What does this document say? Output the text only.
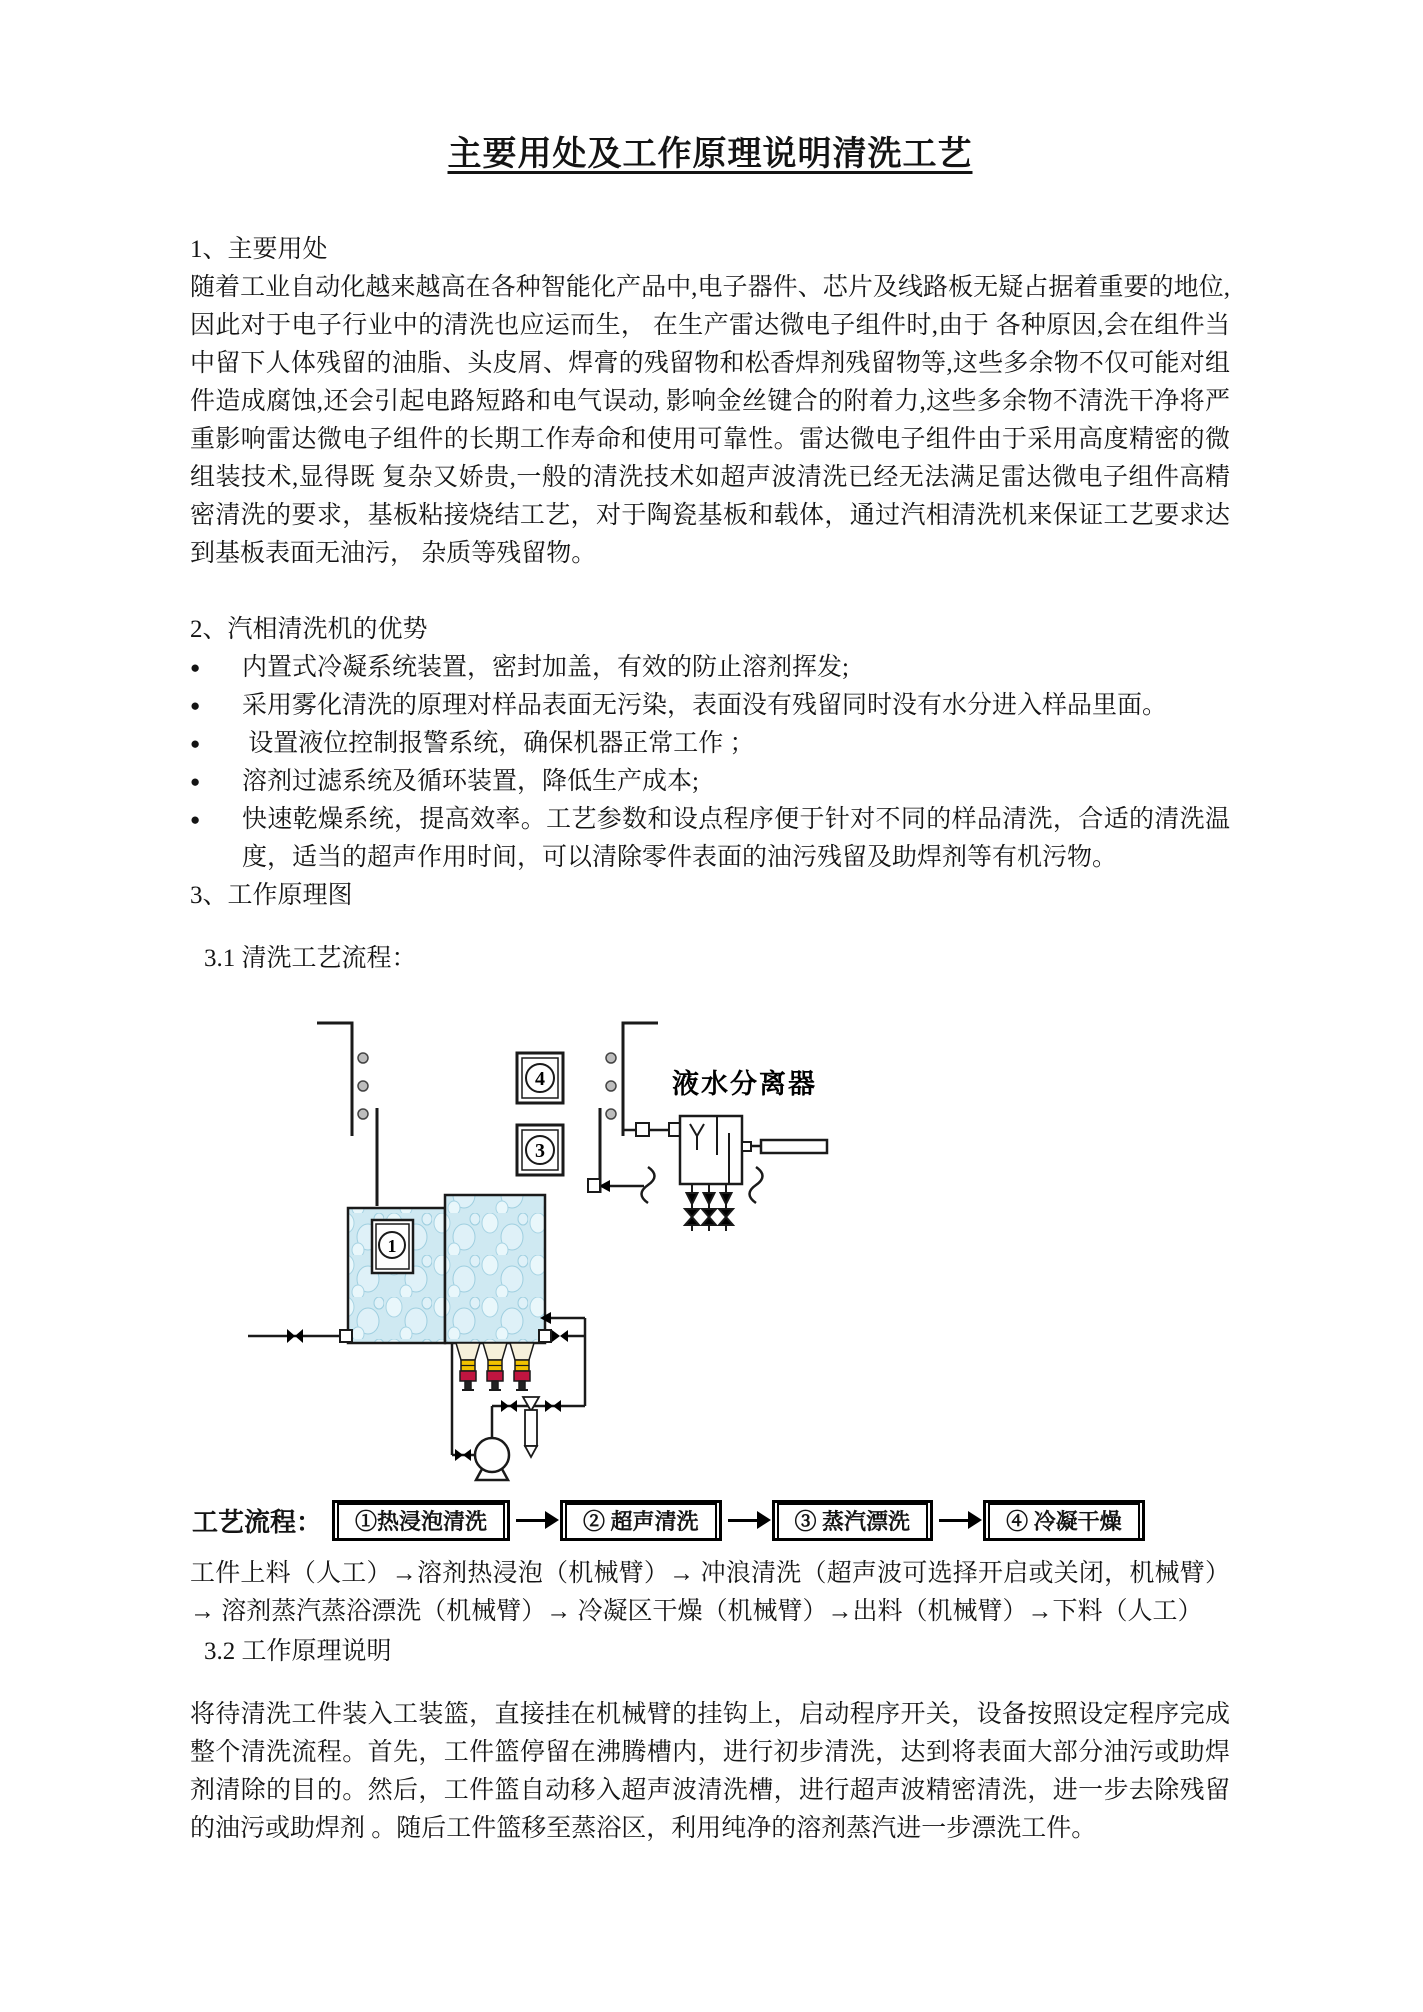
主要用处及工作原理说明清洗工艺

1、主要用处

随着工业自动化越来越高在各种智能化产品中,电子器件、芯片及线路板无疑占据着重要的地位,因此对于电子行业中的清洗也应运而生， 在生产雷达微电子组件时,由于 各种原因,会在组件当中留下人体残留的油脂、头皮屑、焊膏的残留物和松香焊剂残留物等,这些多余物不仅可能对组件造成腐蚀,还会引起电路短路和电气误动, 影响金丝键合的附着力,这些多余物不清洗干净将严重影响雷达微电子组件的长期工作寿命和使用可靠性。雷达微电子组件由于采用高度精密的微组装技术,显得既 复杂又娇贵,一般的清洗技术如超声波清洗已经无法满足雷达微电子组件高精密清洗的要求，基板粘接烧结工艺，对于陶瓷基板和载体，通过汽相清洗机来保证工艺要求达到基板表面无油污， 杂质等残留物。

2、汽相清洗机的优势

●	内置式冷凝系统装置，密封加盖，有效的防止溶剂挥发;
●	采用雾化清洗的原理对样品表面无污染，表面没有残留同时没有水分进入样品里面。
●	设置液位控制报警系统，确保机器正常工作 ；
●	溶剂过滤系统及循环装置，降低生产成本;
●	快速乾燥系统，提高效率。工艺参数和设点程序便于针对不同的样品清洗，合适的清洗温度，适当的超声作用时间，可以清除零件表面的油污残留及助焊剂等有机污物。

3、工作原理图

3.1 清洗工艺流程：

4
3
液水分离器
1
工艺流程：	①热浸泡清洗	② 超声清洗	③ 蒸汽漂洗	④ 冷凝干燥

工件上料（人工）→溶剂热浸泡（机械臂）→ 冲浪清洗（超声波可选择开启或关闭，机械臂）→ 溶剂蒸汽蒸浴漂洗（机械臂）→ 冷凝区干燥（机械臂）→出料（机械臂）→下料（人工）

3.2 工作原理说明

将待清洗工件装入工装篮，直接挂在机械臂的挂钩上，启动程序开关，设备按照设定程序完成整个清洗流程。首先，工件篮停留在沸腾槽内，进行初步清洗，达到将表面大部分油污或助焊剂清除的目的。然后，工件篮自动移入超声波清洗槽，进行超声波精密清洗，进一步去除残留的油污或助焊剂 。随后工件篮移至蒸浴区，利用纯净的溶剂蒸汽进一步漂洗工件。
